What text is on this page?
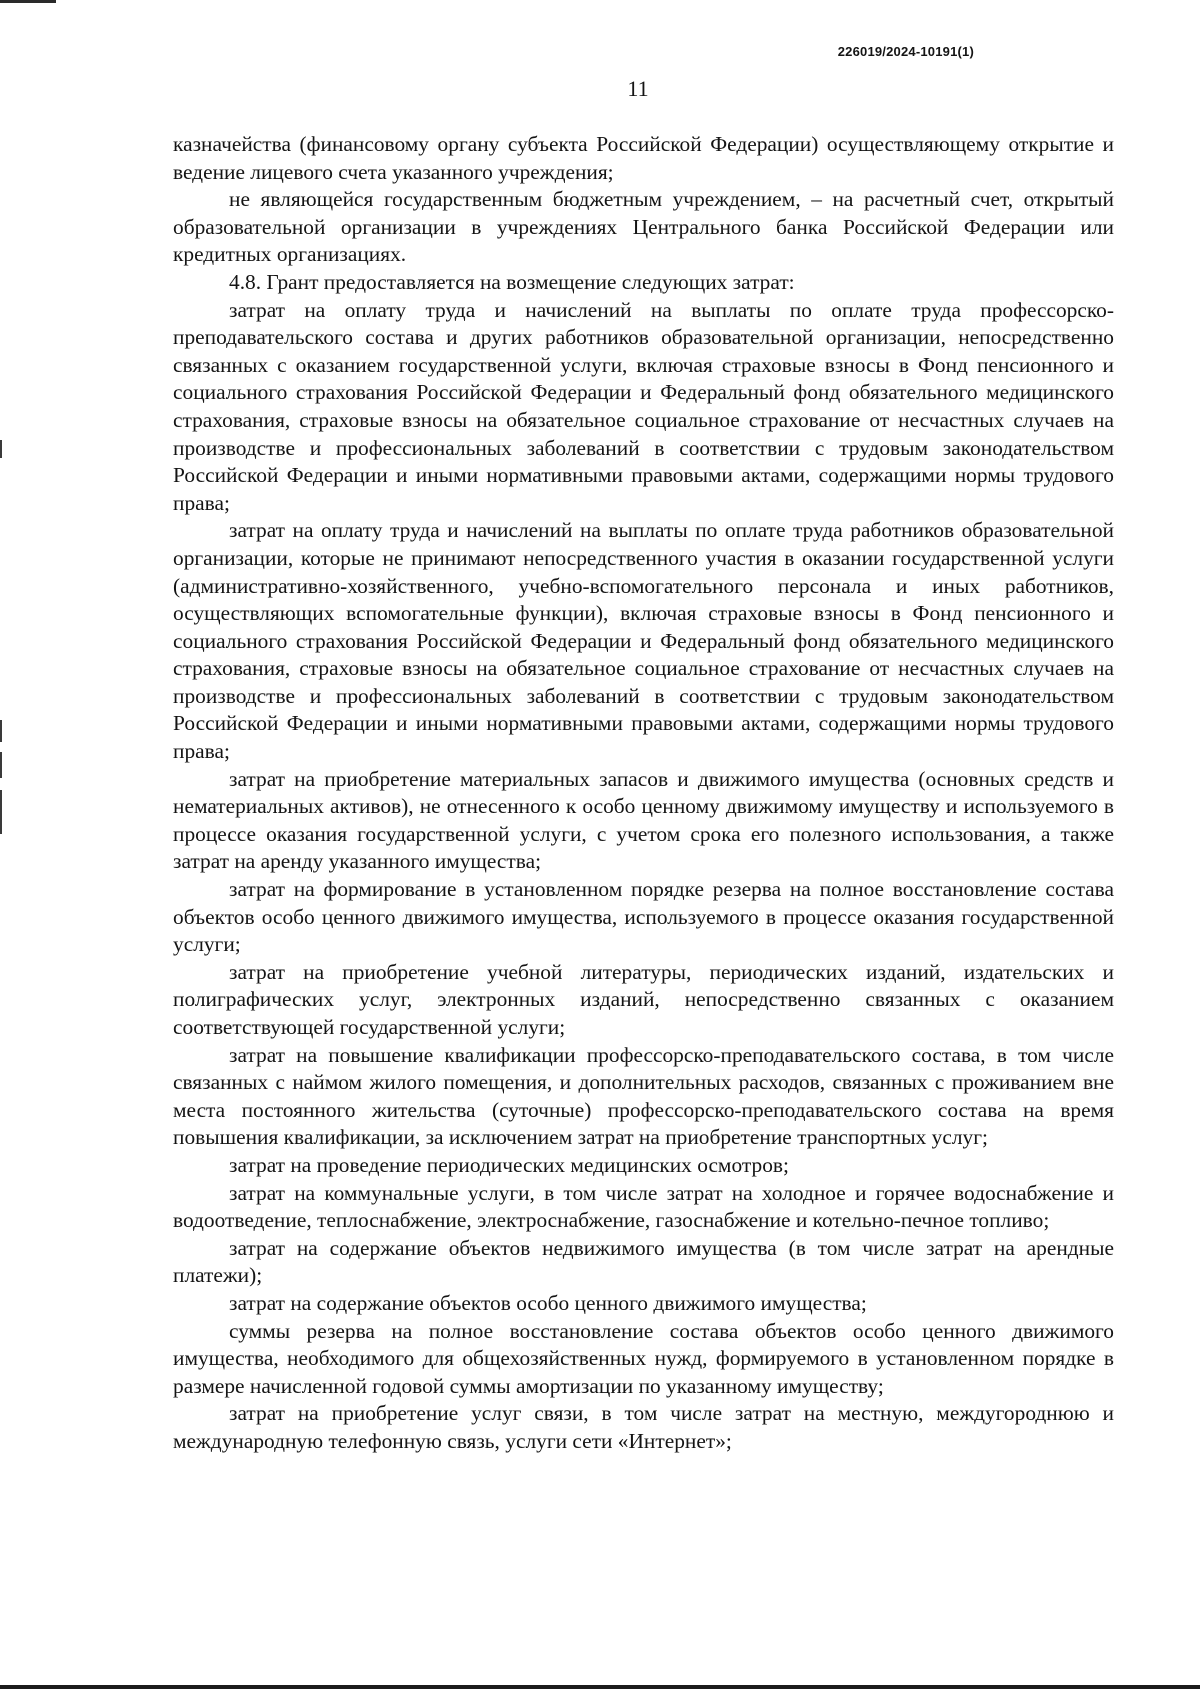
226019/2024-10191(1)
11

казначейства (финансовому органу субъекта Российской Федерации) осуществляющему открытие и ведение лицевого счета указанного учреждения;

не являющейся государственным бюджетным учреждением, – на расчетный счет, открытый образовательной организации в учреждениях Центрального банка Российской Федерации или кредитных организациях.

4.8. Грант предоставляется на возмещение следующих затрат:

затрат на оплату труда и начислений на выплаты по оплате труда профессорско-преподавательского состава и других работников образовательной организации, непосредственно связанных с оказанием государственной услуги, включая страховые взносы в Фонд пенсионного и социального страхования Российской Федерации и Федеральный фонд обязательного медицинского страхования, страховые взносы на обязательное социальное страхование от несчастных случаев на производстве и профессиональных заболеваний в соответствии с трудовым законодательством Российской Федерации и иными нормативными правовыми актами, содержащими нормы трудового права;

затрат на оплату труда и начислений на выплаты по оплате труда работников образовательной организации, которые не принимают непосредственного участия в оказании государственной услуги (административно-хозяйственного, учебно-вспомогательного персонала и иных работников, осуществляющих вспомогательные функции), включая страховые взносы в Фонд пенсионного и социального страхования Российской Федерации и Федеральный фонд обязательного медицинского страхования, страховые взносы на обязательное социальное страхование от несчастных случаев на производстве и профессиональных заболеваний в соответствии с трудовым законодательством Российской Федерации и иными нормативными правовыми актами, содержащими нормы трудового права;

затрат на приобретение материальных запасов и движимого имущества (основных средств и нематериальных активов), не отнесенного к особо ценному движимому имуществу и используемого в процессе оказания государственной услуги, с учетом срока его полезного использования, а также затрат на аренду указанного имущества;

затрат на формирование в установленном порядке резерва на полное восстановление состава объектов особо ценного движимого имущества, используемого в процессе оказания государственной услуги;

затрат на приобретение учебной литературы, периодических изданий, издательских и полиграфических услуг, электронных изданий, непосредственно связанных с оказанием соответствующей государственной услуги;

затрат на повышение квалификации профессорско-преподавательского состава, в том числе связанных с наймом жилого помещения, и дополнительных расходов, связанных с проживанием вне места постоянного жительства (суточные) профессорско-преподавательского состава на время повышения квалификации, за исключением затрат на приобретение транспортных услуг;

затрат на проведение периодических медицинских осмотров;

затрат на коммунальные услуги, в том числе затрат на холодное и горячее водоснабжение и водоотведение, теплоснабжение, электроснабжение, газоснабжение и котельно-печное топливо;

затрат на содержание объектов недвижимого имущества (в том числе затрат на арендные платежи);

затрат на содержание объектов особо ценного движимого имущества;

суммы резерва на полное восстановление состава объектов особо ценного движимого имущества, необходимого для общехозяйственных нужд, формируемого в установленном порядке в размере начисленной годовой суммы амортизации по указанному имуществу;

затрат на приобретение услуг связи, в том числе затрат на местную, междугороднюю и международную телефонную связь, услуги сети «Интернет»;
